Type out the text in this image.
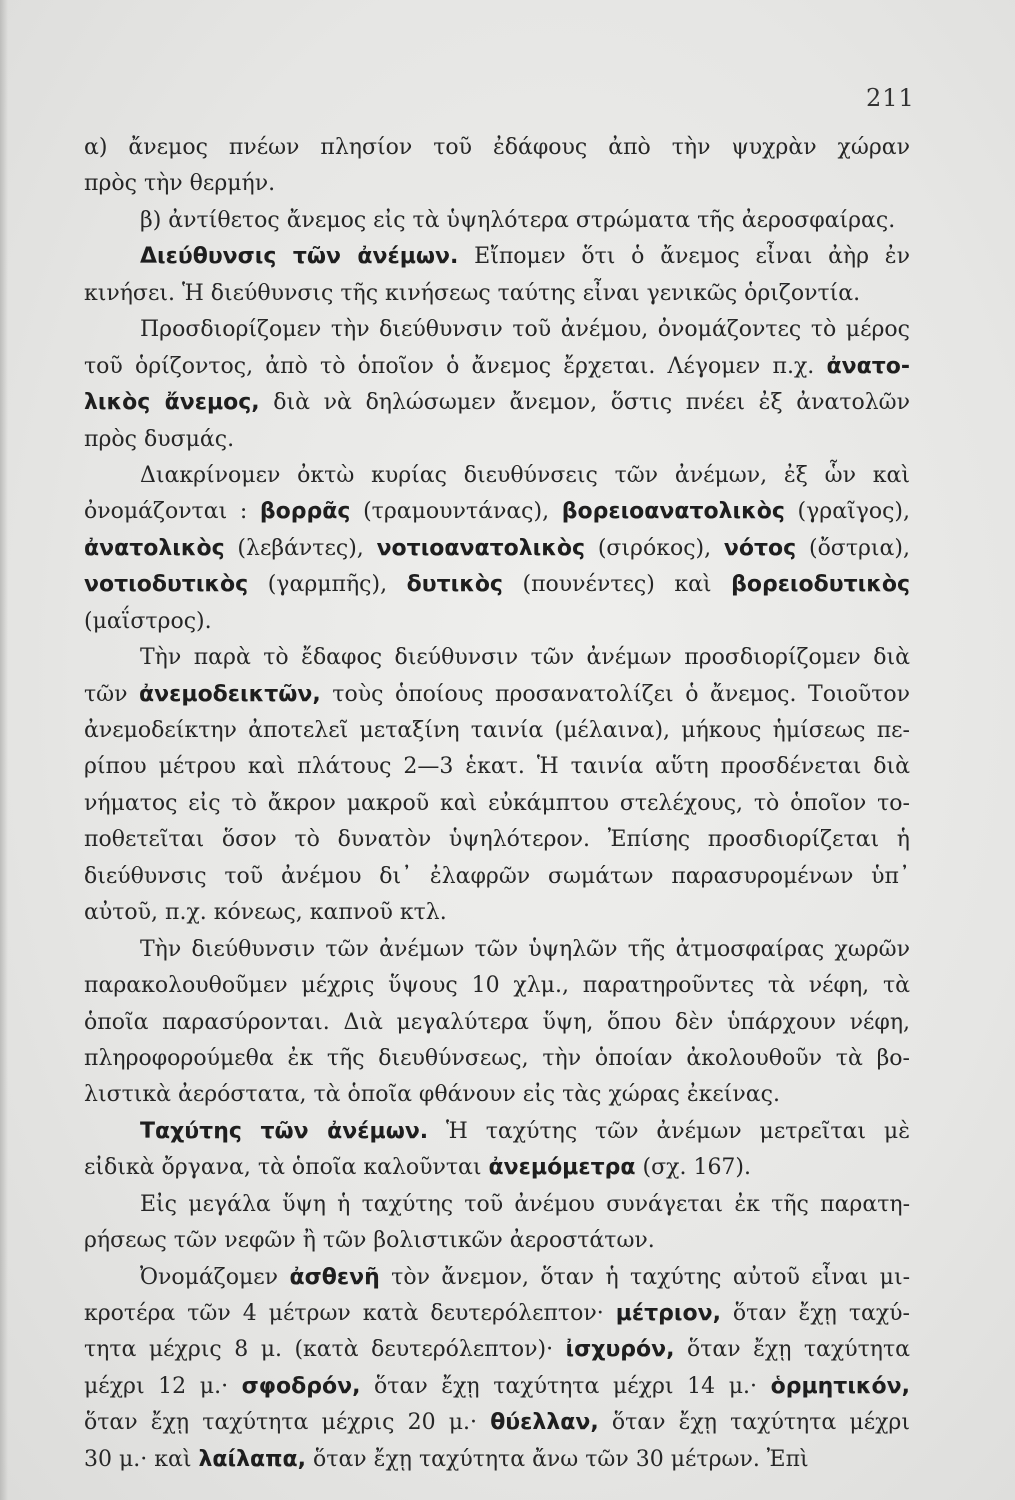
211
α) ἄνεμος πνέων πλησίον τοῦ ἐδάφους ἀπὸ τὴν ψυχρὰν χώραν
πρὸς τὴν θερμήν.
β) ἀντίθετος ἄνεμος εἰς τὰ ὑψηλότερα στρώματα τῆς ἀεροσφαίρας.
Διεύθυνσις τῶν ἀνέμων. Εἴπομεν ὅτι ὁ ἄνεμος εἶναι ἀὴρ ἐν
κινήσει. Ἡ διεύθυνσις τῆς κινήσεως ταύτης εἶναι γενικῶς ὁριζοντία.
Προσδιορίζομεν τὴν διεύθυνσιν τοῦ ἀνέμου, ὀνομάζοντες τὸ μέρος
τοῦ ὁρίζοντος, ἀπὸ τὸ ὁποῖον ὁ ἄνεμος ἔρχεται. Λέγομεν π.χ. ἀνατο-
λικὸς ἄνεμος, διὰ νὰ δηλώσωμεν ἄνεμον, ὅστις πνέει ἐξ ἀνατολῶν
πρὸς δυσμάς.
Διακρίνομεν ὀκτὼ κυρίας διευθύνσεις τῶν ἀνέμων, ἐξ ὧν καὶ
ὀνομάζονται : βορρᾶς (τραμουντάνας), βορειοανατολικὸς (γραῖγος),
ἀνατολικὸς (λεβάντες), νοτιοανατολικὸς (σιρόκος), νότος (ὄστρια),
νοτιοδυτικὸς (γαρμπῆς), δυτικὸς (πουνέντες) καὶ βορειοδυτικὸς
(μαΐστρος).
Τὴν παρὰ τὸ ἔδαφος διεύθυνσιν τῶν ἀνέμων προσδιορίζομεν διὰ
τῶν ἀνεμοδεικτῶν, τοὺς ὁποίους προσανατολίζει ὁ ἄνεμος. Τοιοῦτον
ἀνεμοδείκτην ἀποτελεῖ μεταξίνη ταινία (μέλαινα), μήκους ἡμίσεως πε-
ρίπου μέτρου καὶ πλάτους 2—3 ἑκατ. Ἡ ταινία αὕτη προσδένεται διὰ
νήματος εἰς τὸ ἄκρον μακροῦ καὶ εὐκάμπτου στελέχους, τὸ ὁποῖον το-
ποθετεῖται ὅσον τὸ δυνατὸν ὑψηλότερον. Ἐπίσης προσδιορίζεται ἡ
διεύθυνσις τοῦ ἀνέμου δι᾽ ἐλαφρῶν σωμάτων παρασυρομένων ὑπ᾽
αὐτοῦ, π.χ. κόνεως, καπνοῦ κτλ.
Τὴν διεύθυνσιν τῶν ἀνέμων τῶν ὑψηλῶν τῆς ἀτμοσφαίρας χωρῶν
παρακολουθοῦμεν μέχρις ὕψους 10 χλμ., παρατηροῦντες τὰ νέφη, τὰ
ὁποῖα παρασύρονται. Διὰ μεγαλύτερα ὕψη, ὅπου δὲν ὑπάρχουν νέφη,
πληροφορούμεθα ἐκ τῆς διευθύνσεως, τὴν ὁποίαν ἀκολουθοῦν τὰ βο-
λιστικὰ ἀερόστατα, τὰ ὁποῖα φθάνουν εἰς τὰς χώρας ἐκείνας.
Ταχύτης τῶν ἀνέμων. Ἡ ταχύτης τῶν ἀνέμων μετρεῖται μὲ
εἰδικὰ ὄργανα, τὰ ὁποῖα καλοῦνται ἀνεμόμετρα (σχ. 167).
Εἰς μεγάλα ὕψη ἡ ταχύτης τοῦ ἀνέμου συνάγεται ἐκ τῆς παρατη-
ρήσεως τῶν νεφῶν ἢ τῶν βολιστικῶν ἀεροστάτων.
Ὀνομάζομεν ἀσθενῆ τὸν ἄνεμον, ὅταν ἡ ταχύτης αὐτοῦ εἶναι μι-
κροτέρα τῶν 4 μέτρων κατὰ δευτερόλεπτον· μέτριον, ὅταν ἔχῃ ταχύ-
τητα μέχρις 8 μ. (κατὰ δευτερόλεπτον)· ἰσχυρόν, ὅταν ἔχῃ ταχύτητα
μέχρι 12 μ.· σφοδρόν, ὅταν ἔχῃ ταχύτητα μέχρι 14 μ.· ὁρμητικόν,
ὅταν ἔχῃ ταχύτητα μέχρις 20 μ.· θύελλαν, ὅταν ἔχῃ ταχύτητα μέχρι
30 μ.· καὶ λαίλαπα, ὅταν ἔχῃ ταχύτητα ἄνω τῶν 30 μέτρων. Ἐπὶ
